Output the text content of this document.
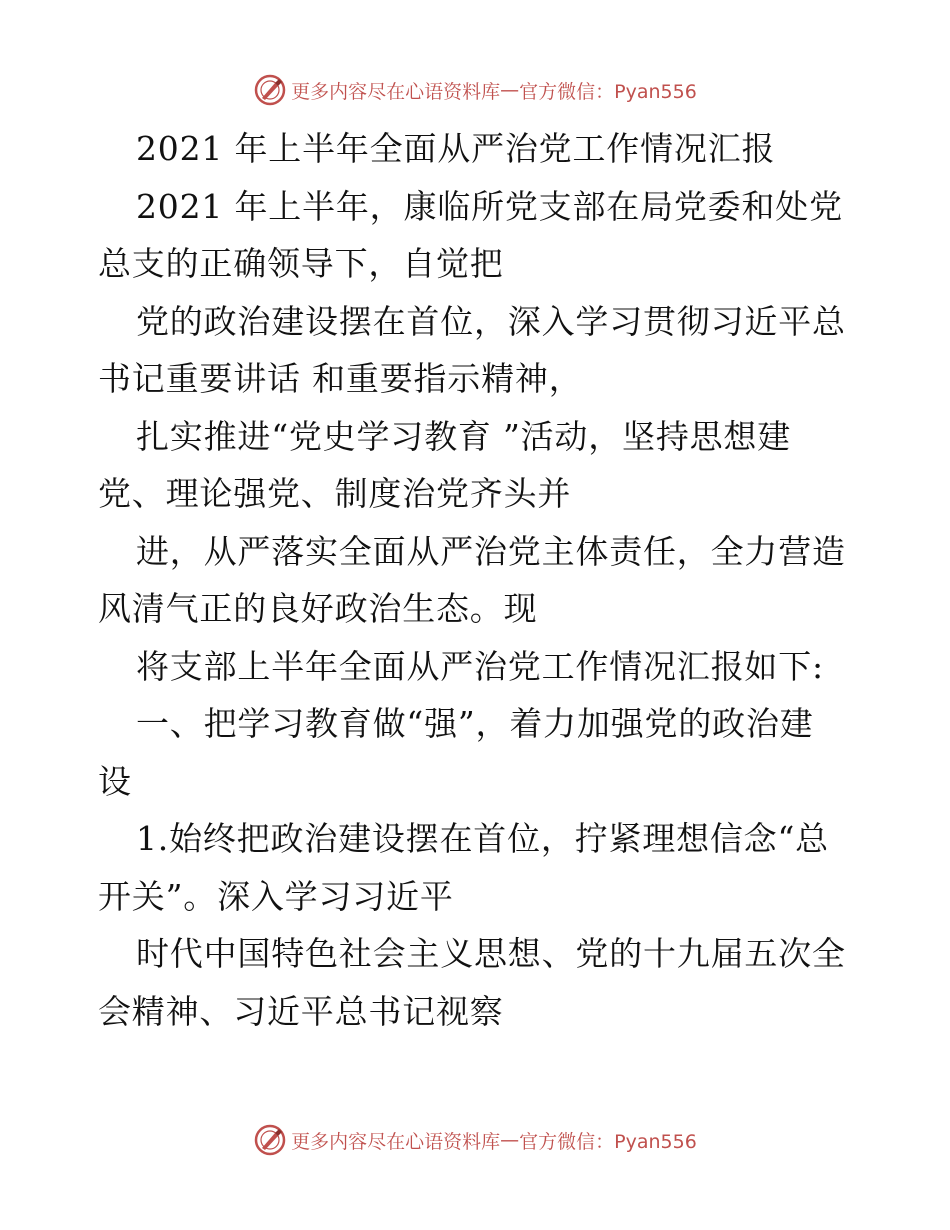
更多内容尽在心语资料库 — 官方微信：Pyan556

2021 年上半年全面从严治党工作情况汇报

2021 年上半年，康临所党支部在局党委和处党

总支的正确领导下，自觉把

党的政治建设摆在首位，深入学习贯彻习近平总

书记重要讲话 和重要指示精神，

扎实推进“党史学习教育 ”活动，坚持思想建

党、理论强党、制度治党齐头并

进，从严落实全面从严治党主体责任，全力营造

风清气正的良好政治生态。现

将支部上半年全面从严治党工作情况汇报如下:

一、把学习教育做“强”，着力加强党的政治建

设

1.始终把政治建设摆在首位，拧紧理想信念“总

开关”。深入学习习近平

时代中国特色社会主义思想、党的十九届五次全

会精神、习近平总书记视察

更多内容尽在心语资料库 — 官方微信：Pyan556
